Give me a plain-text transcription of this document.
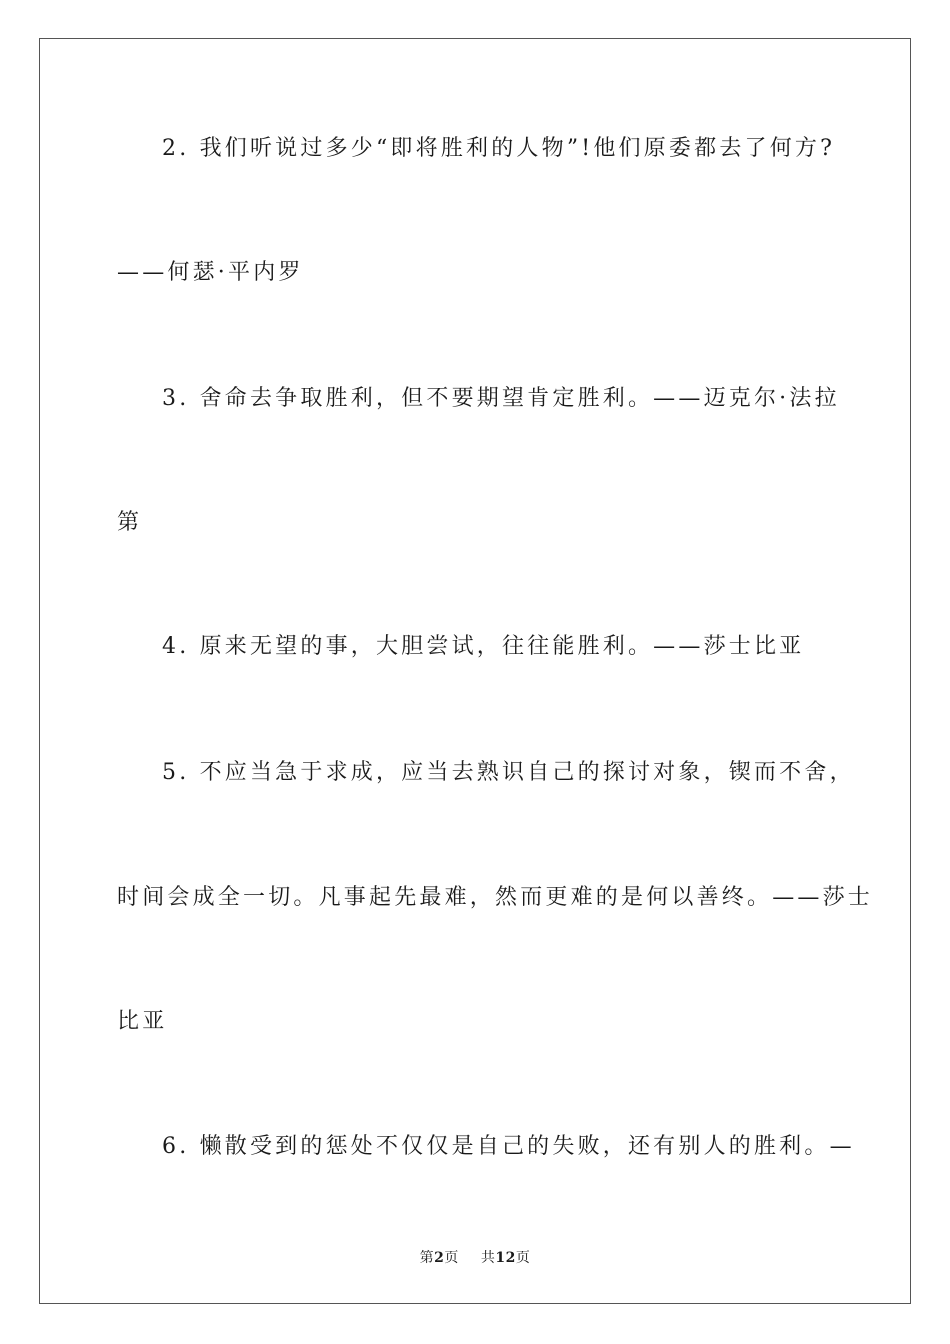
2. 我们听说过多少“即将胜利的人物”!他们原委都去了何方?
——何瑟·平内罗
3. 舍命去争取胜利，但不要期望肯定胜利。——迈克尔·法拉
第
4. 原来无望的事，大胆尝试，往往能胜利。——莎士比亚
5. 不应当急于求成，应当去熟识自己的探讨对象，锲而不舍，
时间会成全一切。凡事起先最难，然而更难的是何以善终。——莎士
比亚
6. 懒散受到的惩处不仅仅是自己的失败，还有别人的胜利。—
第2页 共12页
